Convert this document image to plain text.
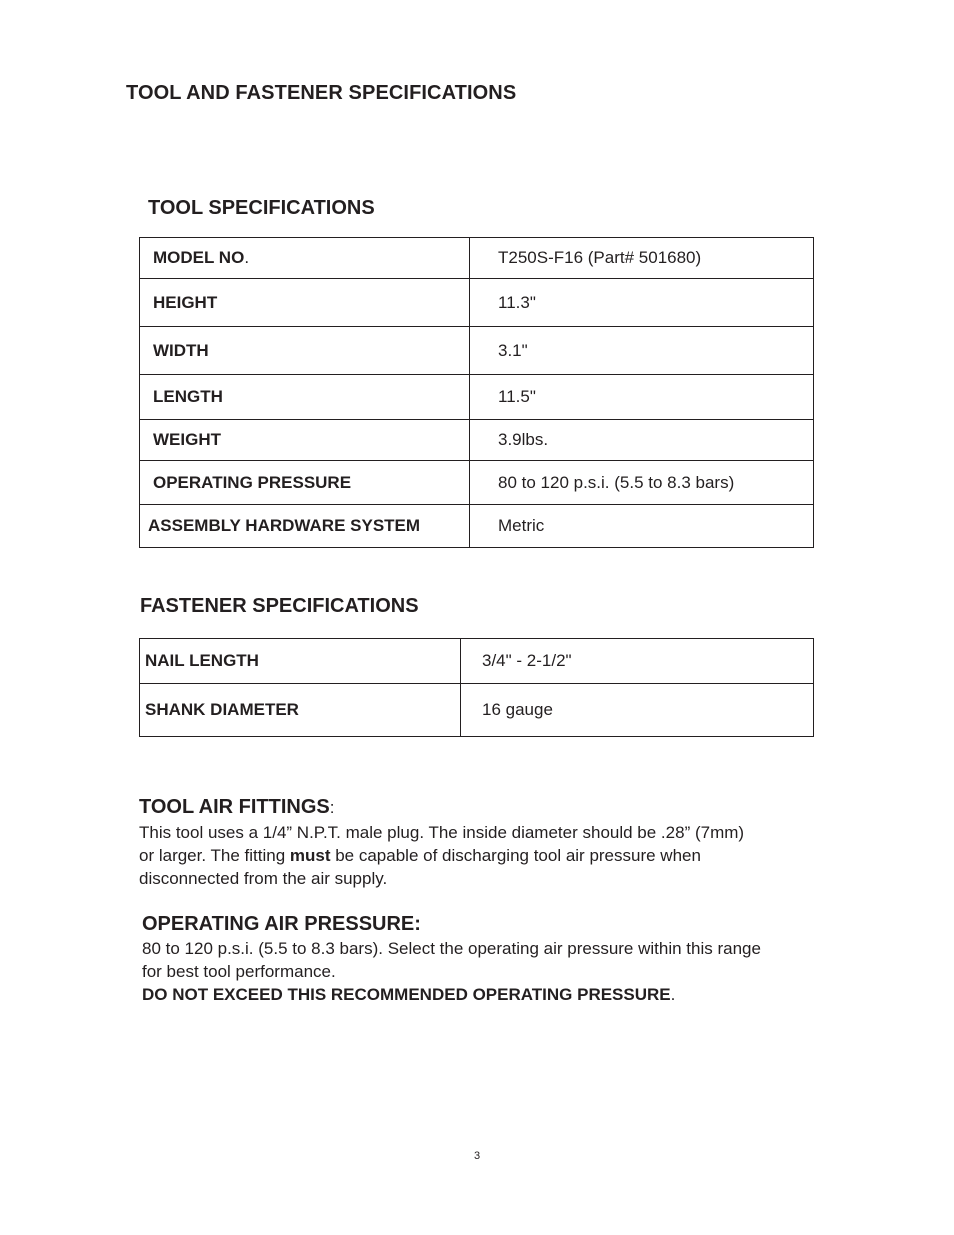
TOOL AND FASTENER SPECIFICATIONS
TOOL SPECIFICATIONS
MODEL NO.	T250S-F16 (Part# 501680)
HEIGHT	11.3"
WIDTH	3.1"
LENGTH	11.5"
WEIGHT	3.9lbs.
OPERATING PRESSURE	80 to 120 p.s.i. (5.5 to 8.3 bars)
ASSEMBLY HARDWARE SYSTEM	Metric
FASTENER SPECIFICATIONS
NAIL LENGTH	3/4" - 2-1/2"
SHANK DIAMETER	16 gauge
TOOL AIR FITTINGS:
This tool uses a 1/4” N.P.T. male plug. The inside diameter should be .28” (7mm)
or larger. The fitting must be capable of discharging tool air pressure when
disconnected from the air supply.
OPERATING AIR PRESSURE:
80 to 120 p.s.i. (5.5 to 8.3 bars). Select the operating air pressure within this range
for best tool performance.
DO NOT EXCEED THIS RECOMMENDED OPERATING PRESSURE.
3
